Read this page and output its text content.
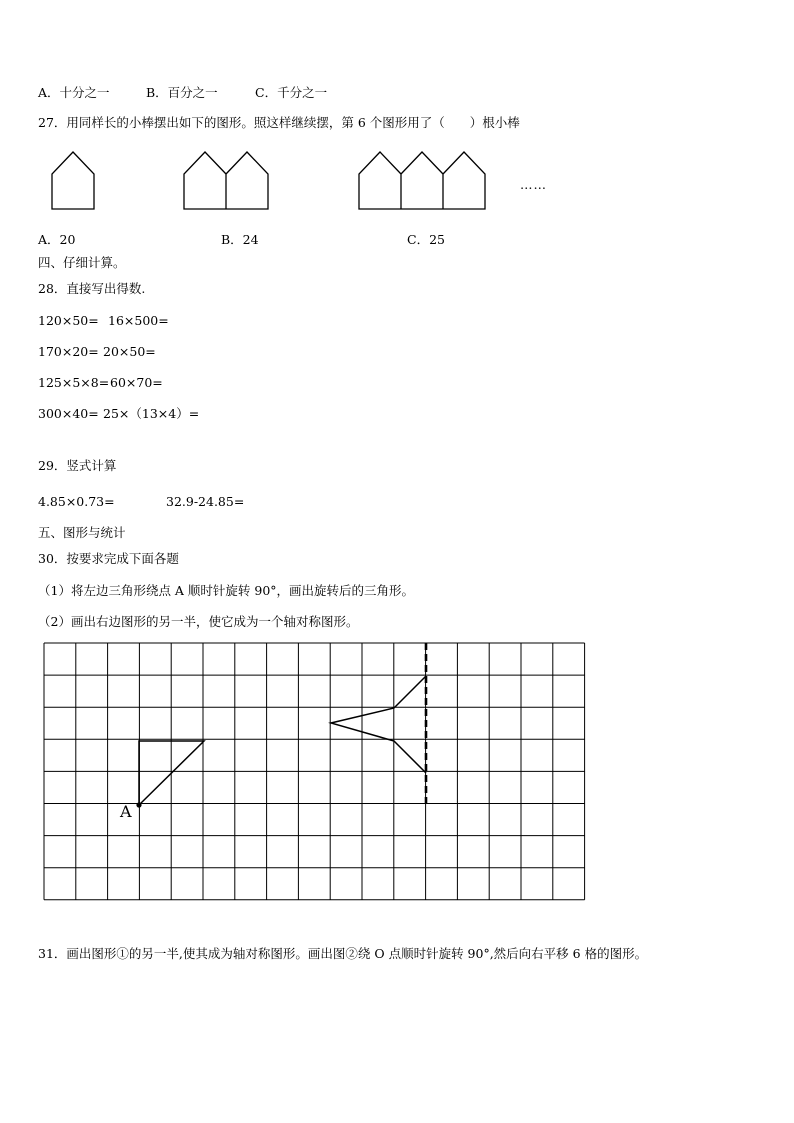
A．十分之一	B．百分之一	C．千分之一
27．用同样长的小棒摆出如下的图形。照这样继续摆，第 6 个图形用了（　　）根小棒
……
A．20	B．24	C．25
四、仔细计算。
28．直接写出得数.
120×50= 16×500=
170×20= 20×50=
125×5×8= 60×70=
300×40= 25×（13×4）=
29．竖式计算
4.85×0.73=	32.9-24.85=
五、图形与统计
30．按要求完成下面各题
（1）将左边三角形绕点 A 顺时针旋转 90°，画出旋转后的三角形。
（2）画出右边图形的另一半，使它成为一个轴对称图形。
A
31．画出图形①的另一半,使其成为轴对称图形。画出图②绕 O 点顺时针旋转 90°,然后向右平移 6 格的图形。
